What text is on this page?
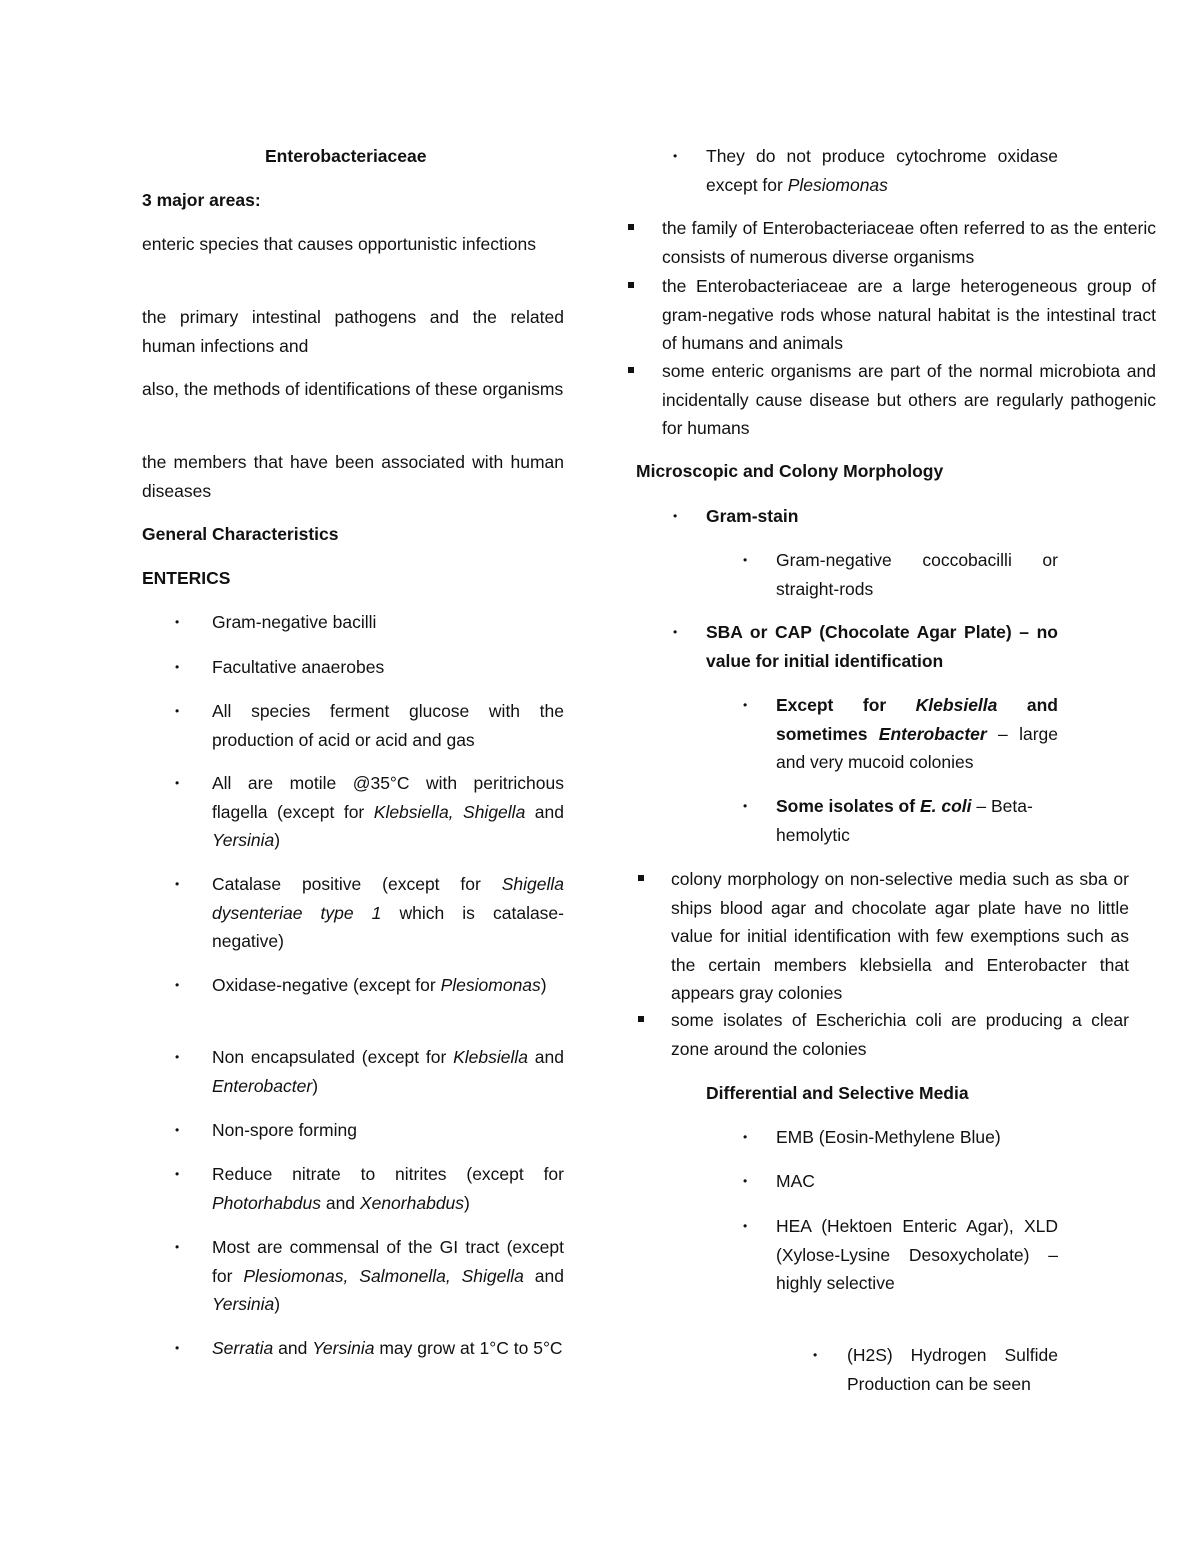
Enterobacteriaceae
3 major areas:

enteric species that causes opportunistic infections

the primary intestinal pathogens and the related human infections and

also, the methods of identifications of these organisms

the members that have been associated with human diseases

General Characteristics
ENTERICS
• Gram-negative bacilli

• Facultative anaerobes

• All species ferment glucose with the production of acid or acid and gas

• All are motile @35°C with peritrichous flagella (except for Klebsiella, Shigella and Yersinia)

• Catalase positive (except for Shigella dysenteriae type 1 which is catalase-negative)

• Oxidase-negative (except for Plesiomonas)

• Non encapsulated (except for Klebsiella and Enterobacter)

• Non-spore forming

• Reduce nitrate to nitrites (except for Photorhabdus and Xenorhabdus)

• Most are commensal of the GI tract (except for Plesiomonas, Salmonella, Shigella and Yersinia)

• Serratia and Yersinia may grow at 1°C to 5°C

• They do not produce cytochrome oxidase except for Plesiomonas

the family of Enterobacteriaceae often referred to as the enteric consists of numerous diverse organisms

the Enterobacteriaceae are a large heterogeneous group of gram-negative rods whose natural habitat is the intestinal tract of humans and animals

some enteric organisms are part of the normal microbiota and incidentally cause disease but others are regularly pathogenic for humans

Microscopic and Colony Morphology
• Gram-stain
• Gram-negative coccobacilli or straight-rods

• SBA or CAP (Chocolate Agar Plate) – no value for initial identification

• Except for Klebsiella and sometimes Enterobacter – large and very mucoid colonies

• Some isolates of E. coli – Beta-hemolytic

colony morphology on non-selective media such as sba or ships blood agar and chocolate agar plate have no little value for initial identification with few exemptions such as the certain members klebsiella and Enterobacter that appears gray colonies

some isolates of Escherichia coli are producing a clear zone around the colonies

Differential and Selective Media
• EMB (Eosin-Methylene Blue)
• MAC
• HEA (Hektoen Enteric Agar), XLD (Xylose-Lysine Desoxycholate) – highly selective

• (H2S) Hydrogen Sulfide Production can be seen
